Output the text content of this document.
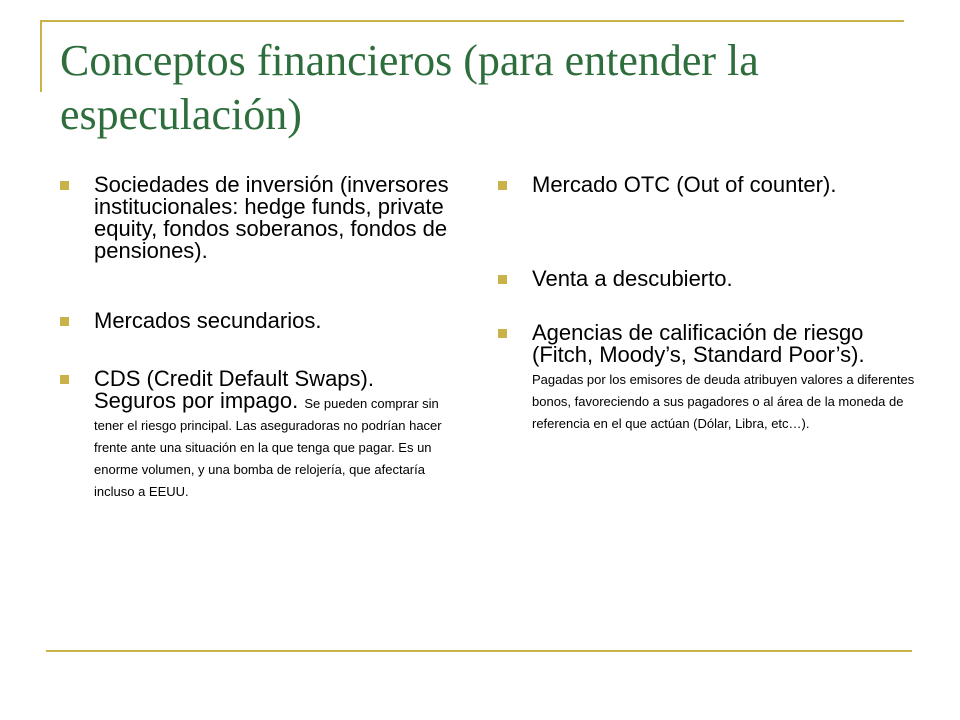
Conceptos financieros (para entender la especulación)
Sociedades de inversión (inversores institucionales: hedge funds, private equity, fondos soberanos, fondos de pensiones).
Mercados secundarios.
CDS (Credit Default Swaps). Seguros por impago. Se pueden comprar sin tener el riesgo principal. Las aseguradoras no podrían hacer frente ante una situación en la que tenga que pagar. Es un enorme volumen, y una bomba de relojería, que afectaría incluso a EEUU.
Mercado OTC (Out of counter).
Venta a descubierto.
Agencias de calificación de riesgo (Fitch, Moody’s, Standard Poor’s). Pagadas por los emisores de deuda atribuyen valores a diferentes bonos, favoreciendo a sus pagadores o al área de la moneda de referencia en el que actúan (Dólar, Libra, etc…).
